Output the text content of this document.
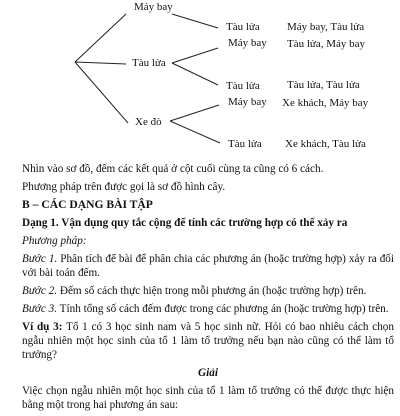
Máy bay
Tàu lửa
Xe đò
Tàu lửa Máy bay, Tàu lửa
Máy bay Tàu lửa, Máy bay
Tàu lửa Tàu lửa, Tàu lửa
Máy bay Xe khách, Máy bay
Tàu lửa Xe khách, Tàu lửa

Nhìn vào sơ đồ, đếm các kết quả ở cột cuối cùng ta cũng có 6 cách.

Phương pháp trên được gọi là sơ đồ hình cây.

B – CÁC DẠNG BÀI TẬP

Dạng 1. Vận dụng quy tắc cộng để tính các trường hợp có thể xảy ra

Phương pháp:

Bước 1. Phân tích để bài để phân chia các phương án (hoặc trường hợp) xảy ra đối với bài toán đếm.

Bước 2. Đếm số cách thực hiện trong mỗi phương án (hoặc trường hợp) trên.

Bước 3. Tính tổng số cách đếm được trong các phương án (hoặc trường hợp) trên.

Ví dụ 3: Tổ 1 có 3 học sinh nam và 5 học sinh nữ. Hỏi có bao nhiêu cách chọn ngẫu nhiên một học sinh của tổ 1 làm tổ trưởng nếu bạn nào cũng có thể làm tổ trưởng?

Giải

Việc chọn ngẫu nhiên một học sinh của tổ 1 làm tổ trưởng có thể được thực hiện bằng một trong hai phương án sau:
